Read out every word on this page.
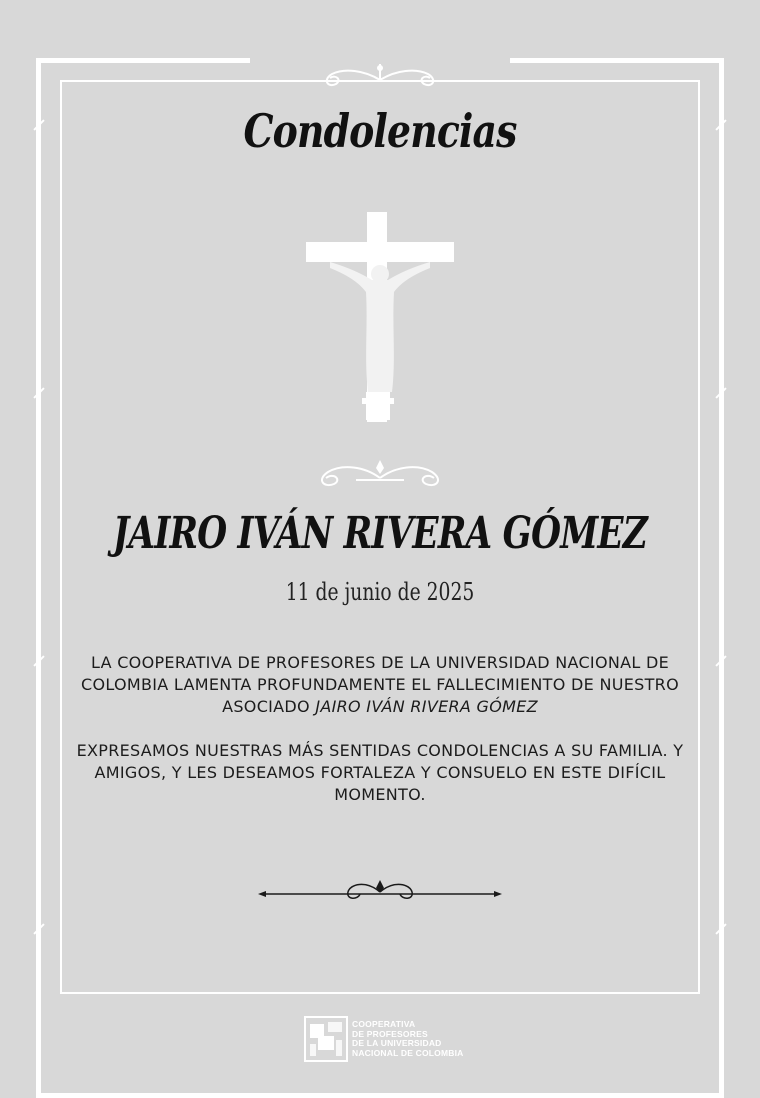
Condolencias
JAIRO IVÁN RIVERA GÓMEZ
11 de junio de 2025

LA COOPERATIVA DE PROFESORES DE LA UNIVERSIDAD NACIONAL DE COLOMBIA LAMENTA PROFUNDAMENTE EL FALLECIMIENTO DE NUESTRO ASOCIADO JAIRO IVÁN RIVERA GÓMEZ

EXPRESAMOS NUESTRAS MÁS SENTIDAS CONDOLENCIAS A SU FAMILIA. Y AMIGOS, Y LES DESEAMOS FORTALEZA Y CONSUELO EN ESTE DIFÍCIL MOMENTO.

COOPERATIVA
DE PROFESORES
DE LA UNIVERSIDAD
NACIONAL DE COLOMBIA
